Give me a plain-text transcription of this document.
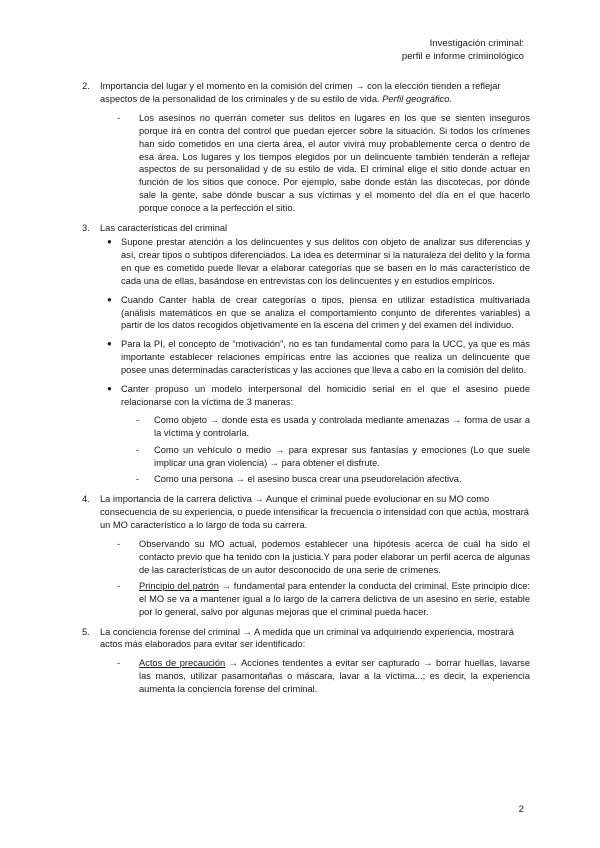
Investigación criminal:
perfil e informe criminológico
2. Importancia del lugar y el momento en la comisión del crimen → con la elección tienden a reflejar aspectos de la personalidad de los criminales y de su estilo de vida. Perfil geográfico.
- Los asesinos no querrán cometer sus delitos en lugares en los que se sienten inseguros porque irá en contra del control que puedan ejercer sobre la situación. Si todos los crímenes han sido cometidos en una cierta área, el autor vivirá muy probablemente cerca o dentro de esa área. Los lugares y los tiempos elegidos por un delincuente también tenderán a reflejar aspectos de su personalidad y de su estilo de vida. El criminal elige el sitio donde actuar en función de los sitios que conoce. Por ejemplo, sabe donde están las discotecas, por dónde sale la gente, sabe dónde buscar a sus víctimas y el momento del día en el que hacerlo porque conoce a la perfección el sitio.
3. Las características del criminal
● Supone prestar atención a los delincuentes y sus delitos con objeto de analizar sus diferencias y así, crear tipos o subtipos diferenciados. La idea es determinar si la naturaleza del delito y la forma en que es cometido puede llevar a elaborar categorías que se basen en lo más característico de cada una de ellas, basándose en entrevistas con los delincuentes y en estudios empíricos.
● Cuando Canter habla de crear categorías o tipos, piensa en utilizar estadística multivariada (análisis matemáticos en que se analiza el comportamiento conjunto de diferentes variables) a partir de los datos recogidos objetivamente en la escena del crimen y del examen del individuo.
● Para la PI, el concepto de “motivación”, no es tan fundamental como para la UCC, ya que es más importante establecer relaciones empíricas entre las acciones que realiza un delincuente que posee unas determinadas características y las acciones que lleva a cabo en la comisión del delito.
● Canter propuso un modelo interpersonal del homicidio serial en el que el asesino puede relacionarse con la víctima de 3 maneras:
- Como objeto → donde esta es usada y controlada mediante amenazas → forma de usar a la víctima y controlarla.
- Como un vehículo o medio → para expresar sus fantasías y emociones (Lo que suele implicar una gran violencia) → para obtener el disfrute.
- Como una persona → el asesino busca crear una pseudorelación afectiva.
4. La importancia de la carrera delictiva → Aunque el criminal puede evolucionar en su MO como consecuencia de su experiencia, o puede intensificar la frecuencia o intensidad con que actúa, mostrará un MO característico a lo largo de toda su carrera.
- Observando su MO actual, podemos establecer una hipótesis acerca de cuál ha sido el contacto previo que ha tenido con la justicia.Y para poder elaborar un perfil acerca de algunas de las características de un autor desconocido de una serie de crímenes.
- Principio del patrón → fundamental para entender la conducta del criminal. Este principio dice: el MO se va a mantener igual a lo largo de la carrera delictiva de un asesino en serie, estable por lo general, salvo por algunas mejoras que el criminal pueda hacer.
5. La conciencia forense del criminal → A medida que un criminal va adquiriendo experiencia, mostrará actos más elaborados para evitar ser identificado:
- Actos de precaución → Acciones tendentes a evitar ser capturado → borrar huellas, lavarse las manos, utilizar pasamontañas o máscara, lavar a la víctima...; es decir, la experiencia aumenta la conciencia forense del criminal.
2
